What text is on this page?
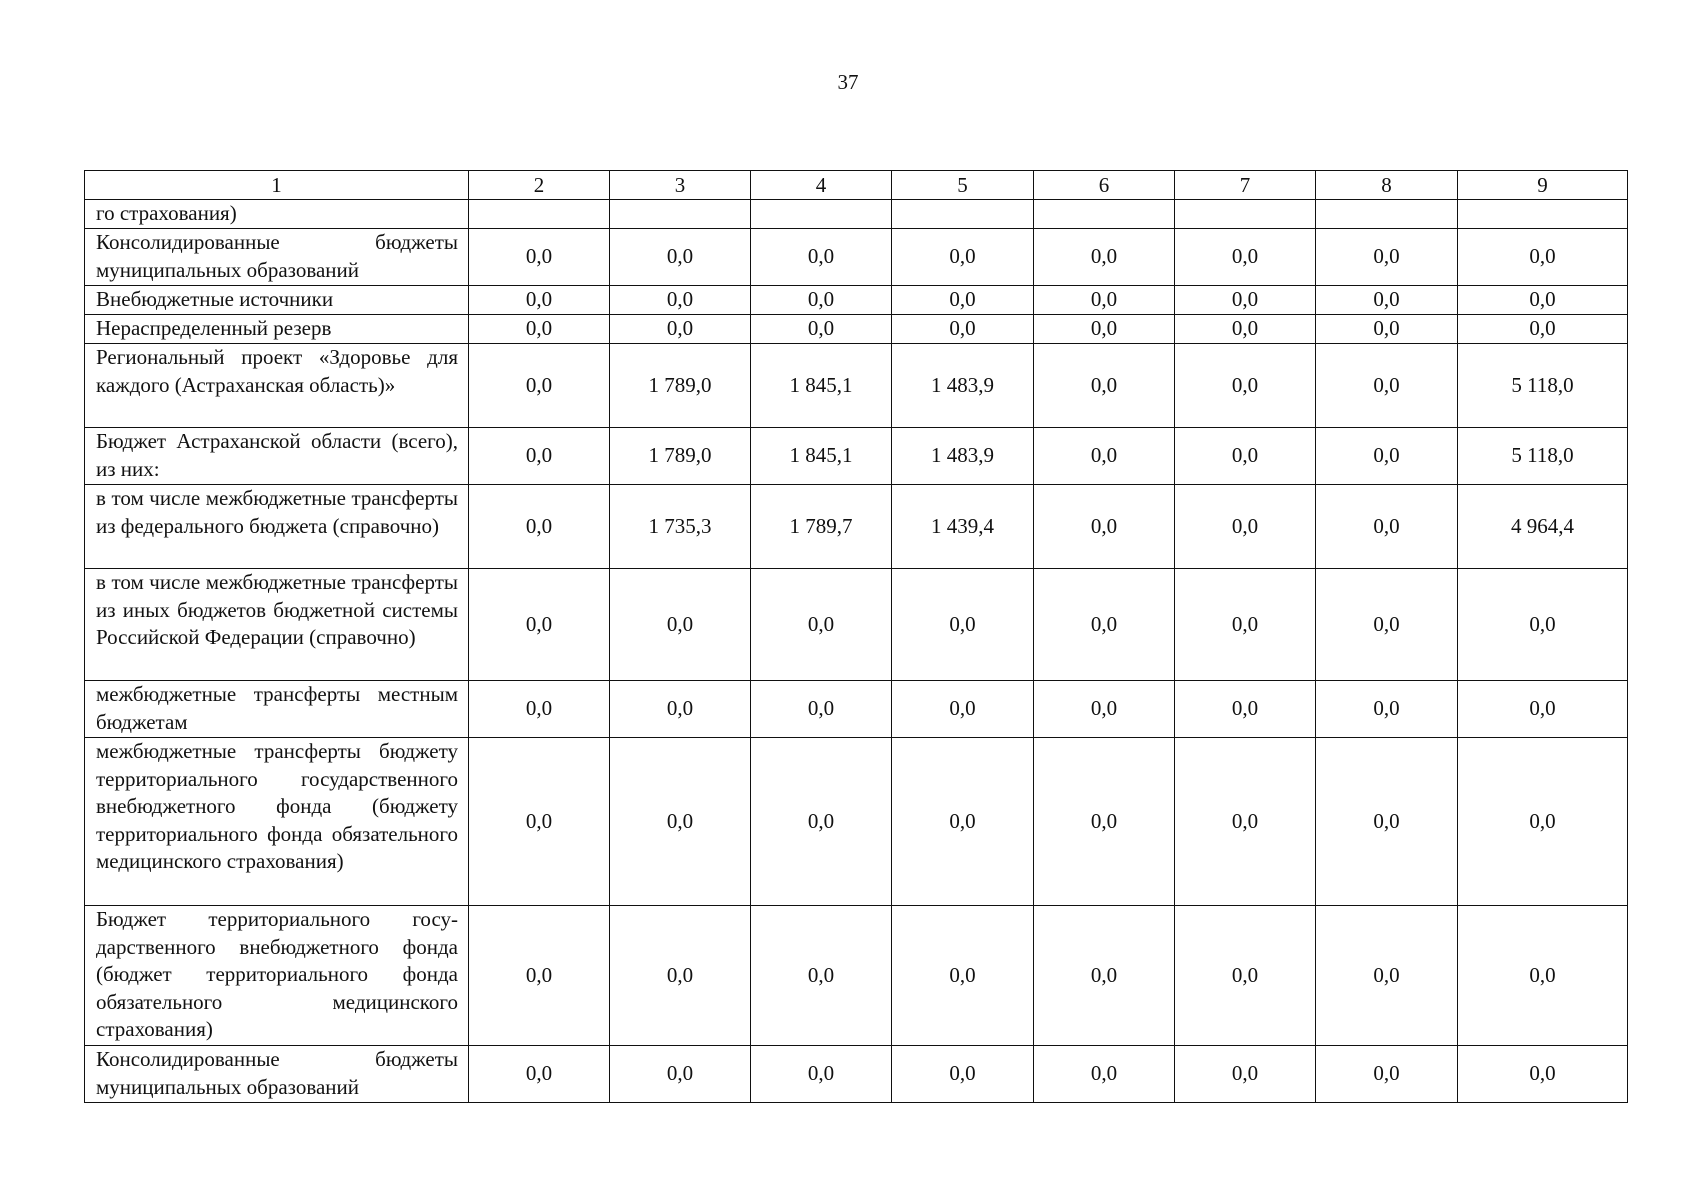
37
1	2	3	4	5	6	7	8	9
го страхования)								
Консолидированные бюджеты муниципальных образований	0,0	0,0	0,0	0,0	0,0	0,0	0,0	0,0
Внебюджетные источники	0,0	0,0	0,0	0,0	0,0	0,0	0,0	0,0
Нераспределенный резерв	0,0	0,0	0,0	0,0	0,0	0,0	0,0	0,0
Региональный проект «Здоровье для каждого (Астраханская область)»	0,0	1 789,0	1 845,1	1 483,9	0,0	0,0	0,0	5 118,0
Бюджет Астраханской области (всего), из них:	0,0	1 789,0	1 845,1	1 483,9	0,0	0,0	0,0	5 118,0
в том числе межбюджетные трансферты из федерального бюджета (справочно)	0,0	1 735,3	1 789,7	1 439,4	0,0	0,0	0,0	4 964,4
в том числе межбюджетные трансферты из иных бюджетов бюджетной системы Российской Федерации (справочно)	0,0	0,0	0,0	0,0	0,0	0,0	0,0	0,0
межбюджетные трансферты местным бюджетам	0,0	0,0	0,0	0,0	0,0	0,0	0,0	0,0
межбюджетные трансферты бюджету территориального государственного внебюджетного фонда (бюджету территориального фонда обязательного медицинского страхования)	0,0	0,0	0,0	0,0	0,0	0,0	0,0	0,0
Бюджет территориального государственного внебюджетного фонда (бюджет территориального фонда обязательного медицинского страхования)	0,0	0,0	0,0	0,0	0,0	0,0	0,0	0,0
Консолидированные бюджеты муниципальных образований	0,0	0,0	0,0	0,0	0,0	0,0	0,0	0,0
